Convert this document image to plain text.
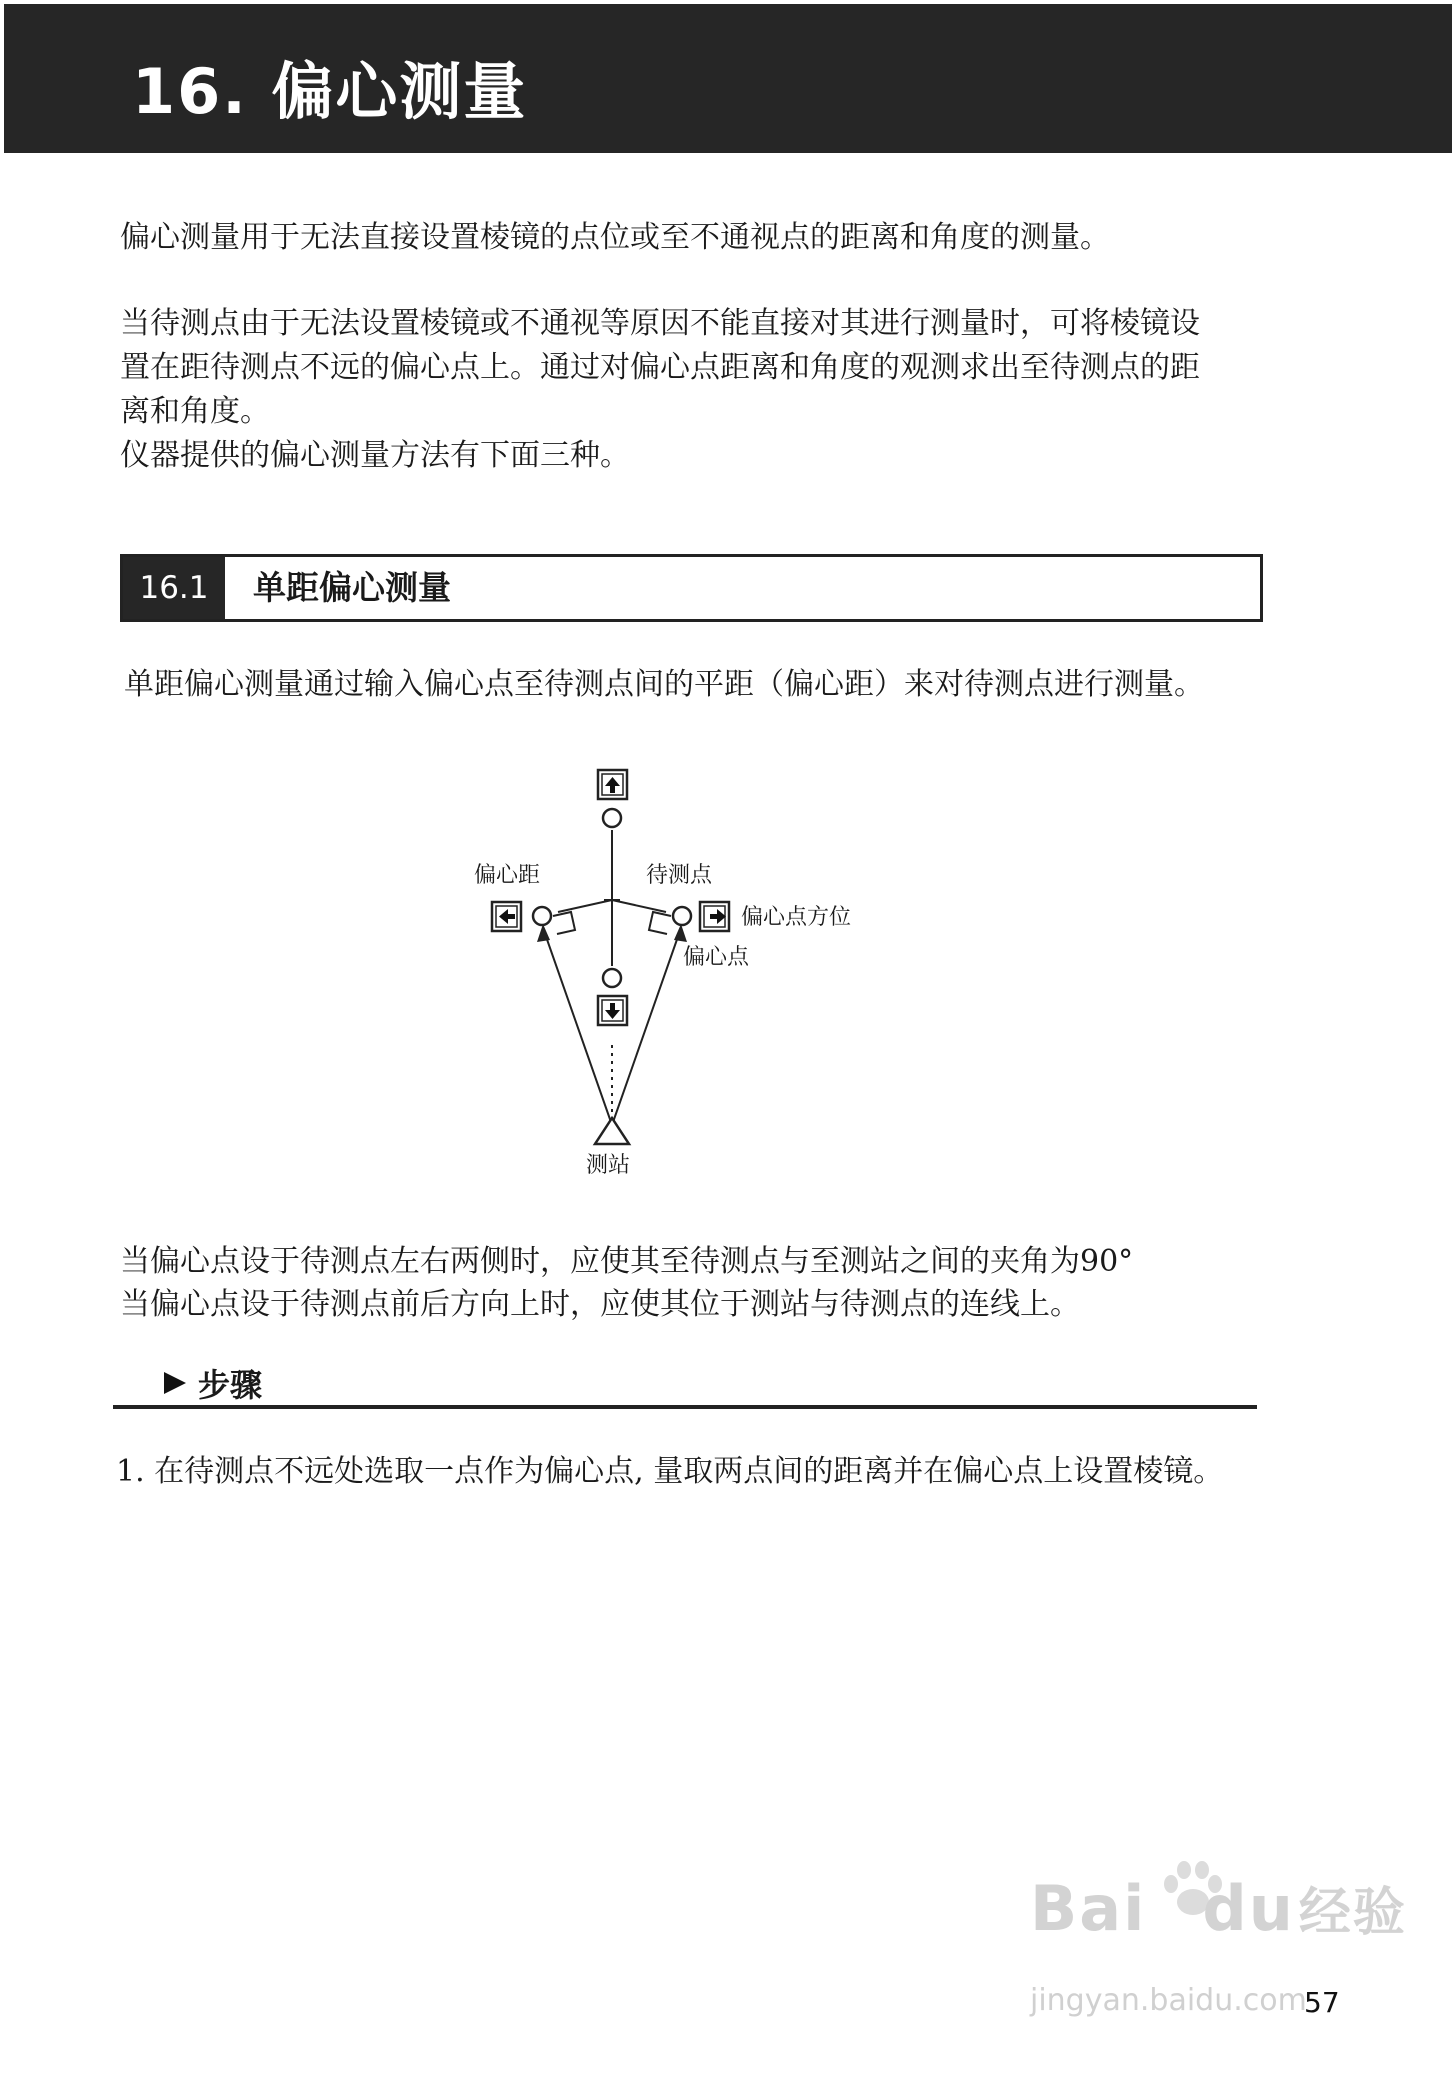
16. 偏心测量
偏心测量用于无法直接设置棱镜的点位或至不通视点的距离和角度的测量。
当待测点由于无法设置棱镜或不通视等原因不能直接对其进行测量时，可将棱镜设
置在距待测点不远的偏心点上。通过对偏心点距离和角度的观测求出至待测点的距
离和角度。
仪器提供的偏心测量方法有下面三种。
16.1	单距偏心测量
单距偏心测量通过输入偏心点至待测点间的平距（偏心距）来对待测点进行测量。
偏心距	待测点
偏心点方位
偏心点
测站
当偏心点设于待测点左右两侧时，应使其至待测点与至测站之间的夹角为90°
当偏心点设于待测点前后方向上时，应使其位于测站与待测点的连线上。
步骤
1. 在待测点不远处选取一点作为偏心点, 量取两点间的距离并在偏心点上设置棱镜。
Bai du经验
jingyan.baidu.com
57
